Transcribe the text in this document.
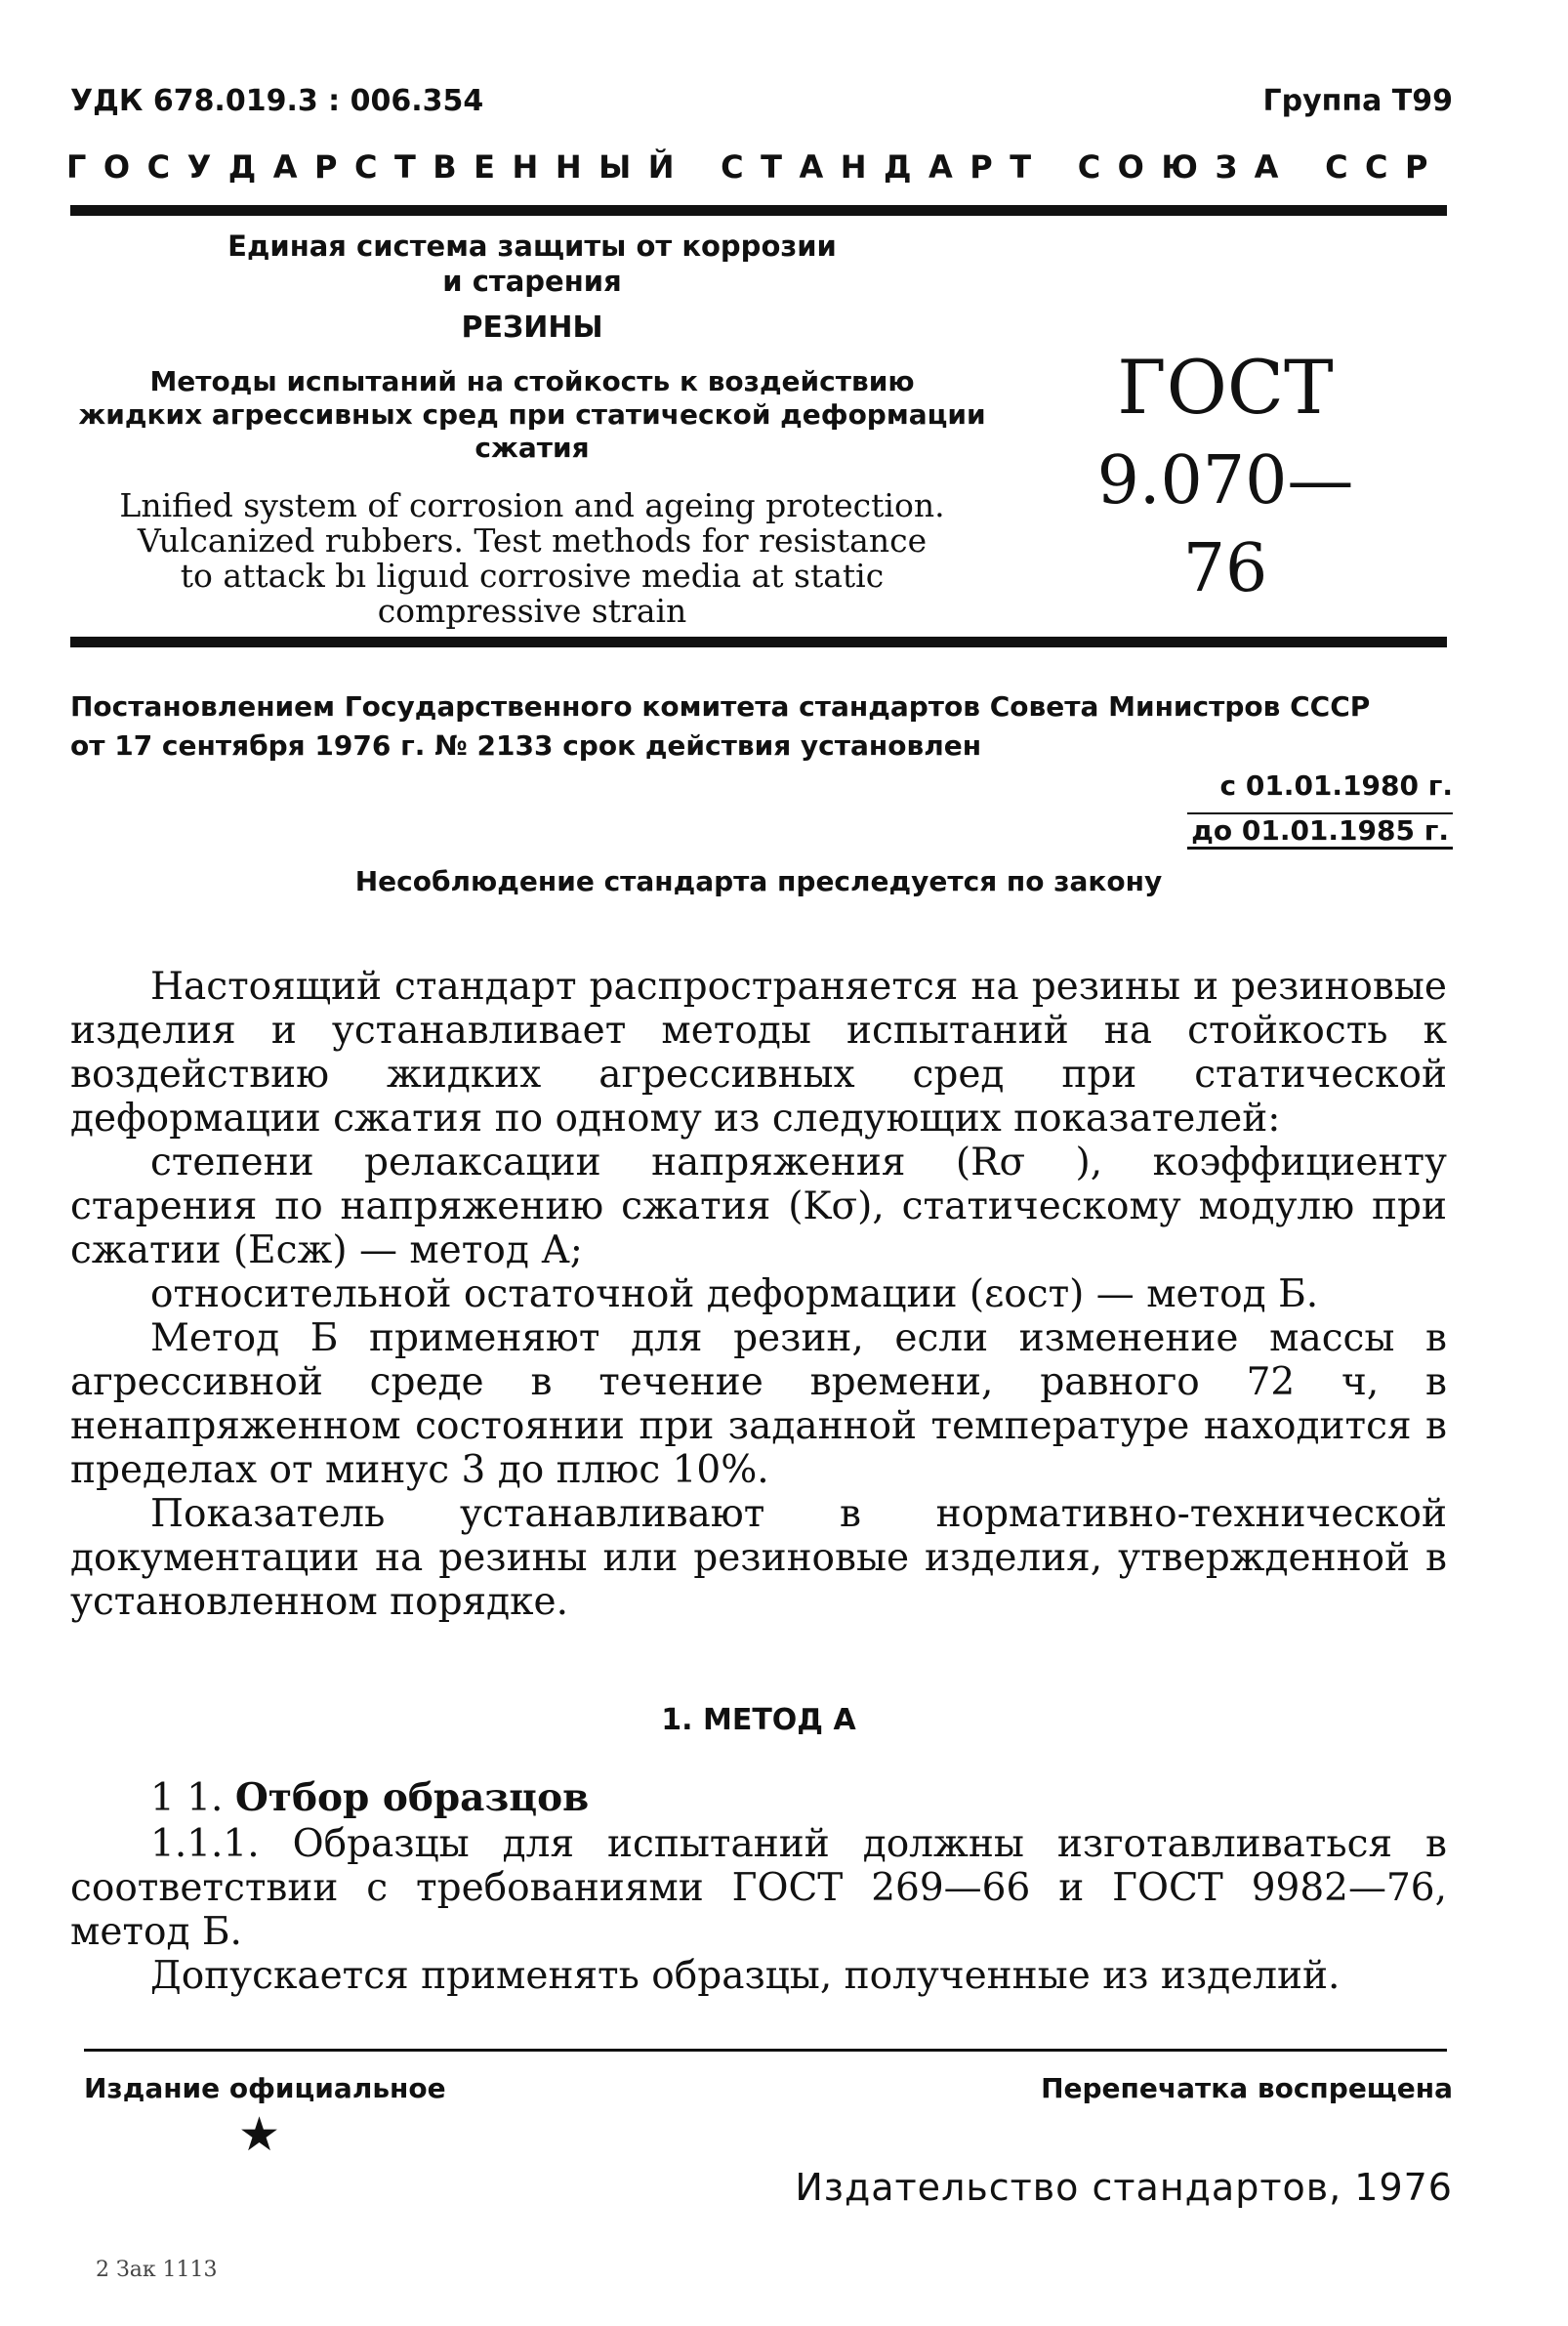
УДК 678.019.3 : 006.354	Группа Т99
ГОСУДАРСТВЕННЫЙ СТАНДАРТ СОЮЗА ССР
Единая система защиты от коррозии
и старения
РЕЗИНЫ
Методы испытаний на стойкость к воздействию
жидких агрессивных сред при статической деформации
сжатия
Lnified system of corrosion and ageing protection.
Vulcanized rubbers. Test methods for resistance
to attack bı liguıd corrosive media at static
compressive strain
ГОСТ
9.070—76
Постановлением Государственного комитета стандартов Совета Министров СССР
от 17 сентября 1976 г. № 2133 срок действия установлен
с 01.01.1980 г.
до 01.01.1985 г.
Несоблюдение стандарта преследуется по закону

Настоящий стандарт распространяется на резины и резиновые изделия и устанавливает методы испытаний на стойкость к воздействию жидких агрессивных сред при статической деформации сжатия по одному из следующих показателей:

степени релаксации напряжения (Rσ ), коэффициенту старения по напряжению сжатия (Kσ), статическому модулю при сжатии (Eсж) — метод А;

относительной остаточной деформации (εост) — метод Б.

Метод Б применяют для резин, если изменение массы в агрессивной среде в течение времени, равного 72 ч, в ненапряженном состоянии при заданной температуре находится в пределах от минус 3 до плюс 10%.

Показатель устанавливают в нормативно-технической документации на резины или резиновые изделия, утвержденной в установленном порядке.

1. МЕТОД А
1 1. Отбор образцов

1.1.1. Образцы для испытаний должны изготавливаться в соответствии с требованиями ГОСТ 269—66 и ГОСТ 9982—76, метод Б.

Допускается применять образцы, полученные из изделий.

Издание официальное	Перепечатка воспрещена
★
Издательство стандартов, 1976
2 Зак 1113
